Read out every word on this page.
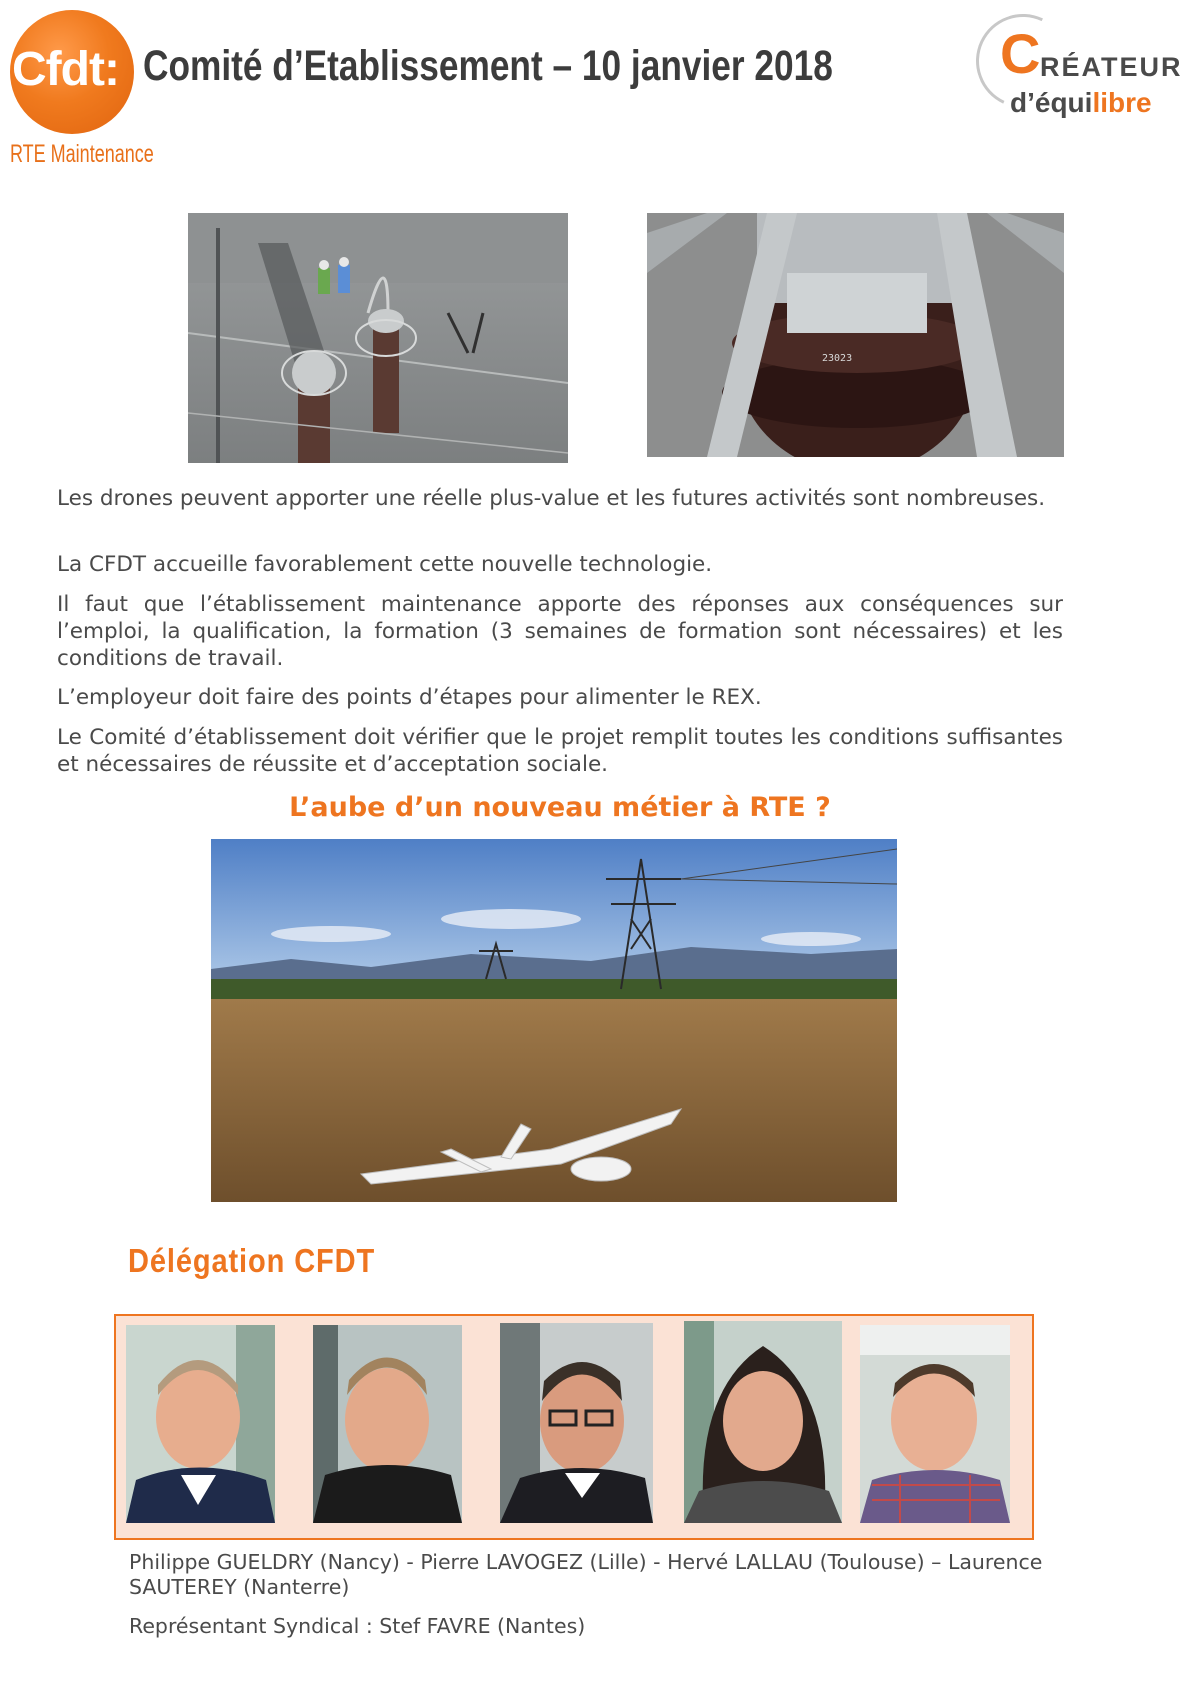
Cfdt:
RTE Maintenance
Comité d’Etablissement – 10 janvier 2018	C RÉATEUR
d’équilibre
23023

Les drones peuvent apporter une réelle plus-value et les futures activités sont nombreuses.

La CFDT accueille favorablement cette nouvelle technologie.

Il faut que l’établissement maintenance apporte des réponses aux conséquences sur l’emploi, la qualification, la formation (3 semaines de formation sont nécessaires) et les conditions de travail.

L’employeur doit faire des points d’étapes pour alimenter le REX.

Le Comité d’établissement doit vérifier que le projet remplit toutes les conditions suffisantes et nécessaires de réussite et d’acceptation sociale.

L’aube d’un nouveau métier à RTE ?
Délégation CFDT

Philippe GUELDRY (Nancy) - Pierre LAVOGEZ (Lille) - Hervé LALLAU (Toulouse) – Laurence SAUTEREY (Nanterre)

Représentant Syndical : Stef FAVRE (Nantes)
